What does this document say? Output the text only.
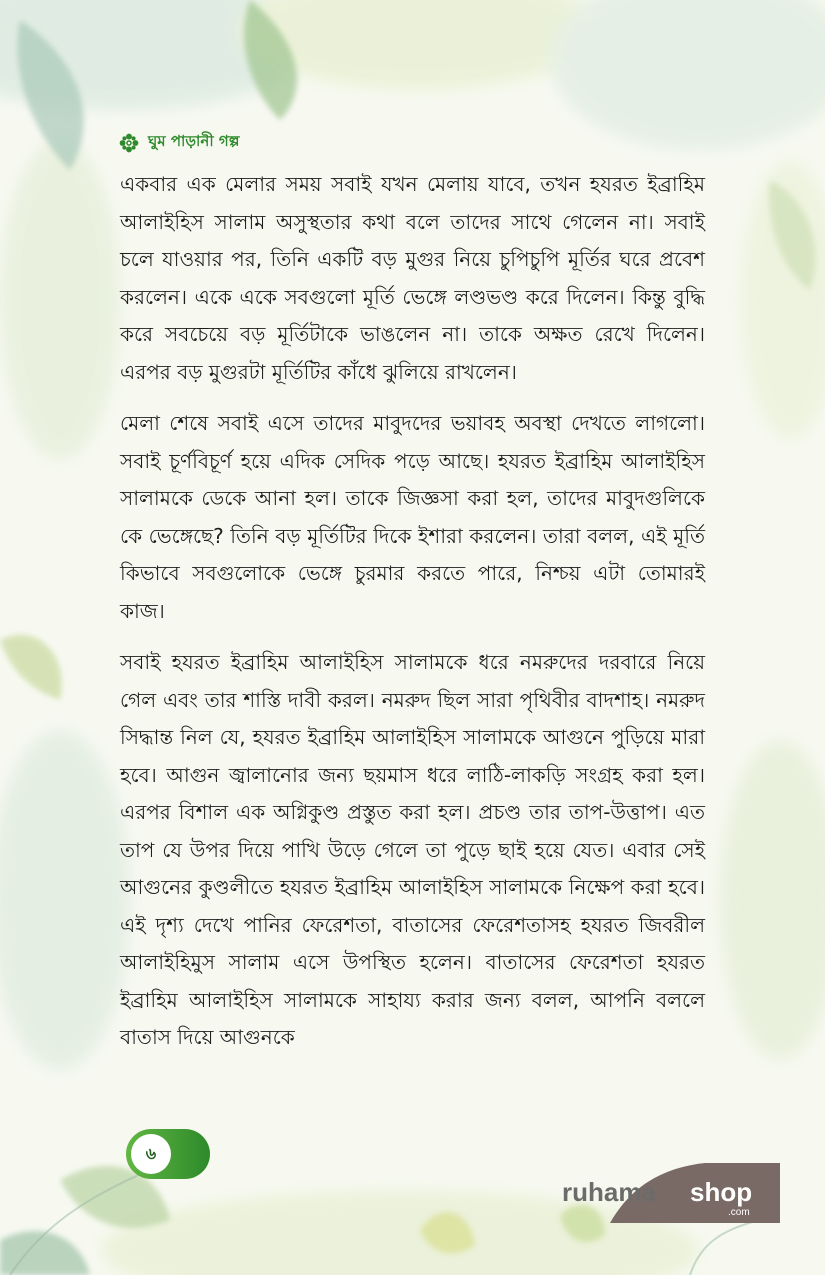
ঘুম পাড়ানী গল্প

একবার এক মেলার সময় সবাই যখন মেলায় যাবে, তখন হযরত ইব্রাহিম আলাইহিস সালাম অসুস্থতার কথা বলে তাদের সাথে গেলেন না। সবাই চলে যাওয়ার পর, তিনি একটি বড় মুগুর নিয়ে চুপিচুপি মূর্তির ঘরে প্রবেশ করলেন। একে একে সবগুলো মূর্তি ভেঙ্গে লণ্ডভণ্ড করে দিলেন। কিন্তু বুদ্ধি করে সবচেয়ে বড় মূর্তিটাকে ভাঙলেন না। তাকে অক্ষত রেখে দিলেন। এরপর বড় মুগুরটা মূর্তিটির কাঁধে ঝুলিয়ে রাখলেন।

মেলা শেষে সবাই এসে তাদের মাবুদদের ভয়াবহ অবস্থা দেখতে লাগলো। সবাই চূর্ণবিচূর্ণ হয়ে এদিক সেদিক পড়ে আছে। হযরত ইব্রাহিম আলাইহিস সালামকে ডেকে আনা হল। তাকে জিজ্ঞসা করা হল, তাদের মাবুদগুলিকে কে ভেঙ্গেছে? তিনি বড় মূর্তিটির দিকে ইশারা করলেন। তারা বলল, এই মূর্তি কিভাবে সবগুলোকে ভেঙ্গে চুরমার করতে পারে, নিশ্চয় এটা তোমারই কাজ।

সবাই হযরত ইব্রাহিম আলাইহিস সালামকে ধরে নমরুদের দরবারে নিয়ে গেল এবং তার শাস্তি দাবী করল। নমরুদ ছিল সারা পৃথিবীর বাদশাহ। নমরুদ সিদ্ধান্ত নিল যে, হযরত ইব্রাহিম আলাইহিস সালামকে আগুনে পুড়িয়ে মারা হবে। আগুন জ্বালানোর জন্য ছয়মাস ধরে লাঠি-লাকড়ি সংগ্রহ করা হল। এরপর বিশাল এক অগ্নিকুণ্ড প্রস্তুত করা হল। প্রচণ্ড তার তাপ-উত্তাপ। এত তাপ যে উপর দিয়ে পাখি উড়ে গেলে তা পুড়ে ছাই হয়ে যেত। এবার সেই আগুনের কুণ্ডলীতে হযরত ইব্রাহিম আলাইহিস সালামকে নিক্ষেপ করা হবে। এই দৃশ্য দেখে পানির ফেরেশতা, বাতাসের ফেরেশতাসহ হযরত জিবরীল আলাইহিমুস সালাম এসে উপস্থিত হলেন। বাতাসের ফেরেশতা হযরত ইব্রাহিম আলাইহিস সালামকে সাহায্য করার জন্য বলল, আপনি বললে বাতাস দিয়ে আগুনকে

৬
ruhama shop
.com
